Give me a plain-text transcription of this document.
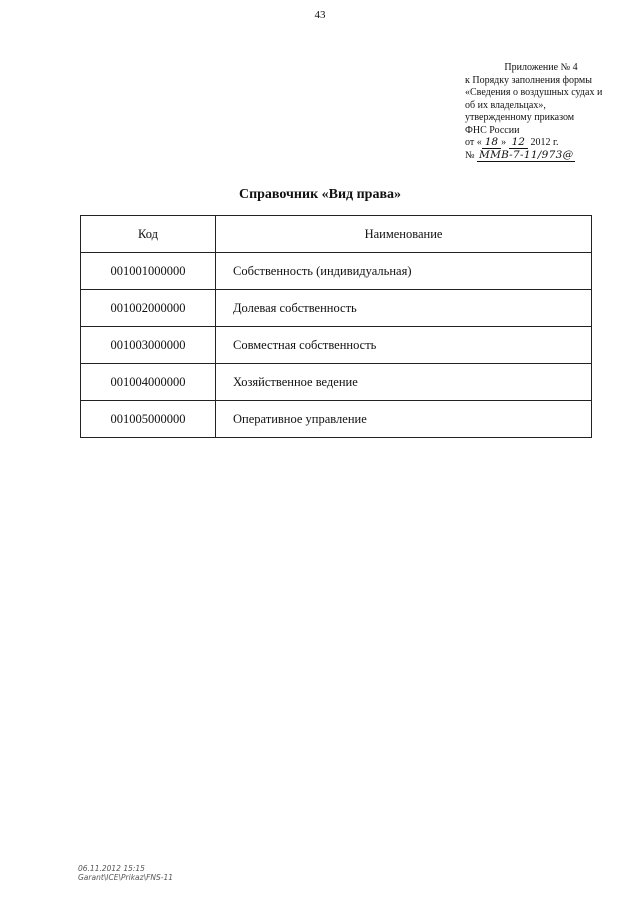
43
Приложение № 4
к Порядку заполнения формы
«Сведения о воздушных судах и
об их владельцах»,
утвержденному приказом
ФНС России
от « 18 » 12 2012 г.
№ ММВ-7-11/973@
Справочник «Вид права»
Код	Наименование
001001000000	Собственность (индивидуальная)
001002000000	Долевая собственность
001003000000	Совместная собственность
001004000000	Хозяйственное ведение
001005000000	Оперативное управление
06.11.2012 15:15
Garant\ICE\Prikaz\FNS-11
